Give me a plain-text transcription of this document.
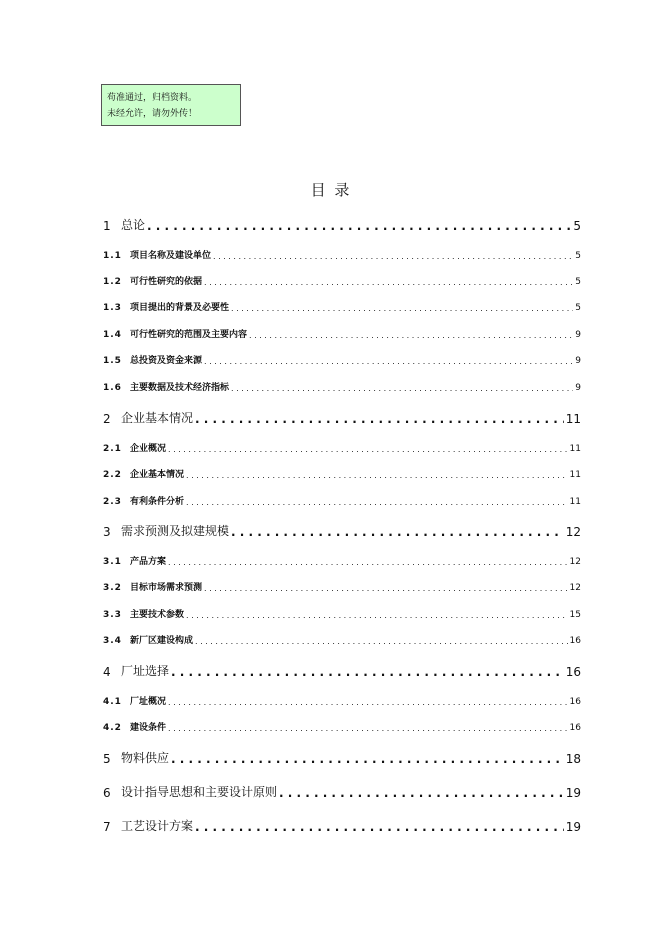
苟准通过，归档资料。
未经允许，请勿外传！
目 录
1 总论 . . .	5
1.1 项目名称及建设单位 . . .	5
1.2 可行性研究的依据 . . .	5
1.3 项目提出的背景及必要性 . . .	5
1.4 可行性研究的范围及主要内容 . . .	9
1.5 总投资及资金来源 . . .	9
1.6 主要数据及技术经济指标 . . .	9
2 企业基本情况 . . .	11
2.1 企业概况 . . .	11
2.2 企业基本情况 . . .	11
2.3 有利条件分析 . . .	11
3 需求预测及拟建规模 . . .	12
3.1 产品方案 . . .	12
3.2 目标市场需求预测 . . .	12
3.3 主要技术参数 . . .	15
3.4 新厂区建设构成 . . .	16
4 厂址选择 . . .	16
4.1 厂址概况 . . .	16
4.2 建设条件 . . .	16
5 物料供应 . . .	18
6 设计指导思想和主要设计原则 . . .	19
7 工艺设计方案 . . .	19
